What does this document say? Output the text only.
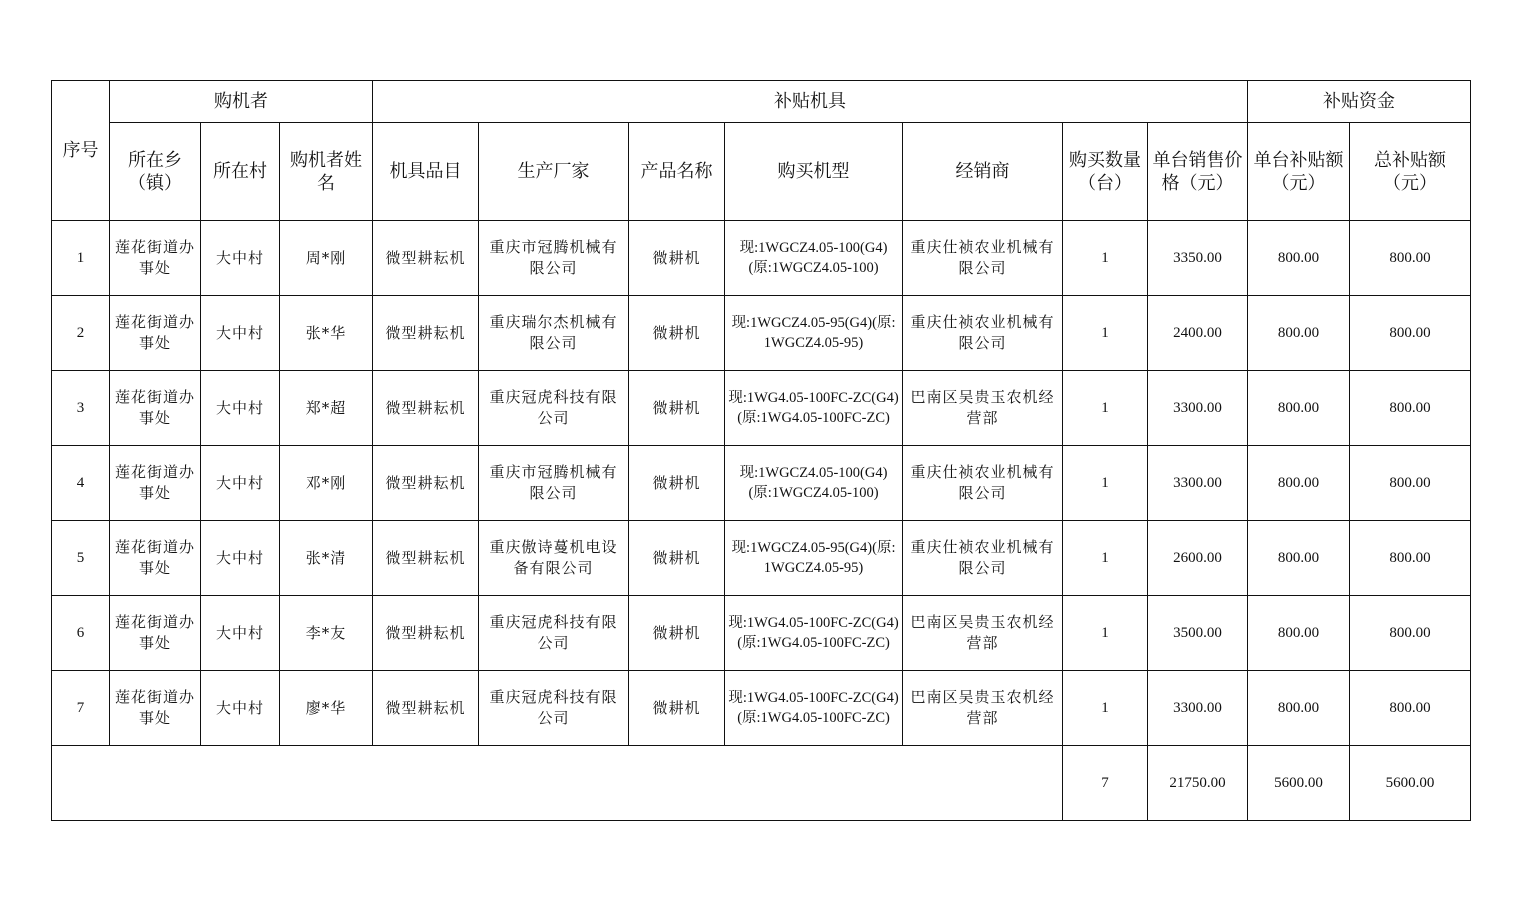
序号	购机者			补贴机具							补贴资金	
	所在乡（镇）	所在村	购机者姓名	机具品目	生产厂家	产品名称	购买机型	经销商	购买数量（台）	单台销售价格（元）	单台补贴额（元）	总补贴额（元）
1	莲花街道办事处	大中村	周*刚	微型耕耘机	重庆市冠腾机械有限公司	微耕机	现:1WGCZ4.05-100(G4)(原:1WGCZ4.05-100)	重庆仕祯农业机械有限公司	1	3350.00	800.00	800.00
2	莲花街道办事处	大中村	张*华	微型耕耘机	重庆瑞尔杰机械有限公司	微耕机	现:1WGCZ4.05-95(G4)(原:1WGCZ4.05-95)	重庆仕祯农业机械有限公司	1	2400.00	800.00	800.00
3	莲花街道办事处	大中村	郑*超	微型耕耘机	重庆冠虎科技有限公司	微耕机	现:1WG4.05-100FC-ZC(G4)(原:1WG4.05-100FC-ZC)	巴南区吴贵玉农机经营部	1	3300.00	800.00	800.00
4	莲花街道办事处	大中村	邓*刚	微型耕耘机	重庆市冠腾机械有限公司	微耕机	现:1WGCZ4.05-100(G4)(原:1WGCZ4.05-100)	重庆仕祯农业机械有限公司	1	3300.00	800.00	800.00
5	莲花街道办事处	大中村	张*清	微型耕耘机	重庆傲诗蔓机电设备有限公司	微耕机	现:1WGCZ4.05-95(G4)(原:1WGCZ4.05-95)	重庆仕祯农业机械有限公司	1	2600.00	800.00	800.00
6	莲花街道办事处	大中村	李*友	微型耕耘机	重庆冠虎科技有限公司	微耕机	现:1WG4.05-100FC-ZC(G4)(原:1WG4.05-100FC-ZC)	巴南区吴贵玉农机经营部	1	3500.00	800.00	800.00
7	莲花街道办事处	大中村	廖*华	微型耕耘机	重庆冠虎科技有限公司	微耕机	现:1WG4.05-100FC-ZC(G4)(原:1WG4.05-100FC-ZC)	巴南区吴贵玉农机经营部	1	3300.00	800.00	800.00
									7	21750.00	5600.00	5600.00
